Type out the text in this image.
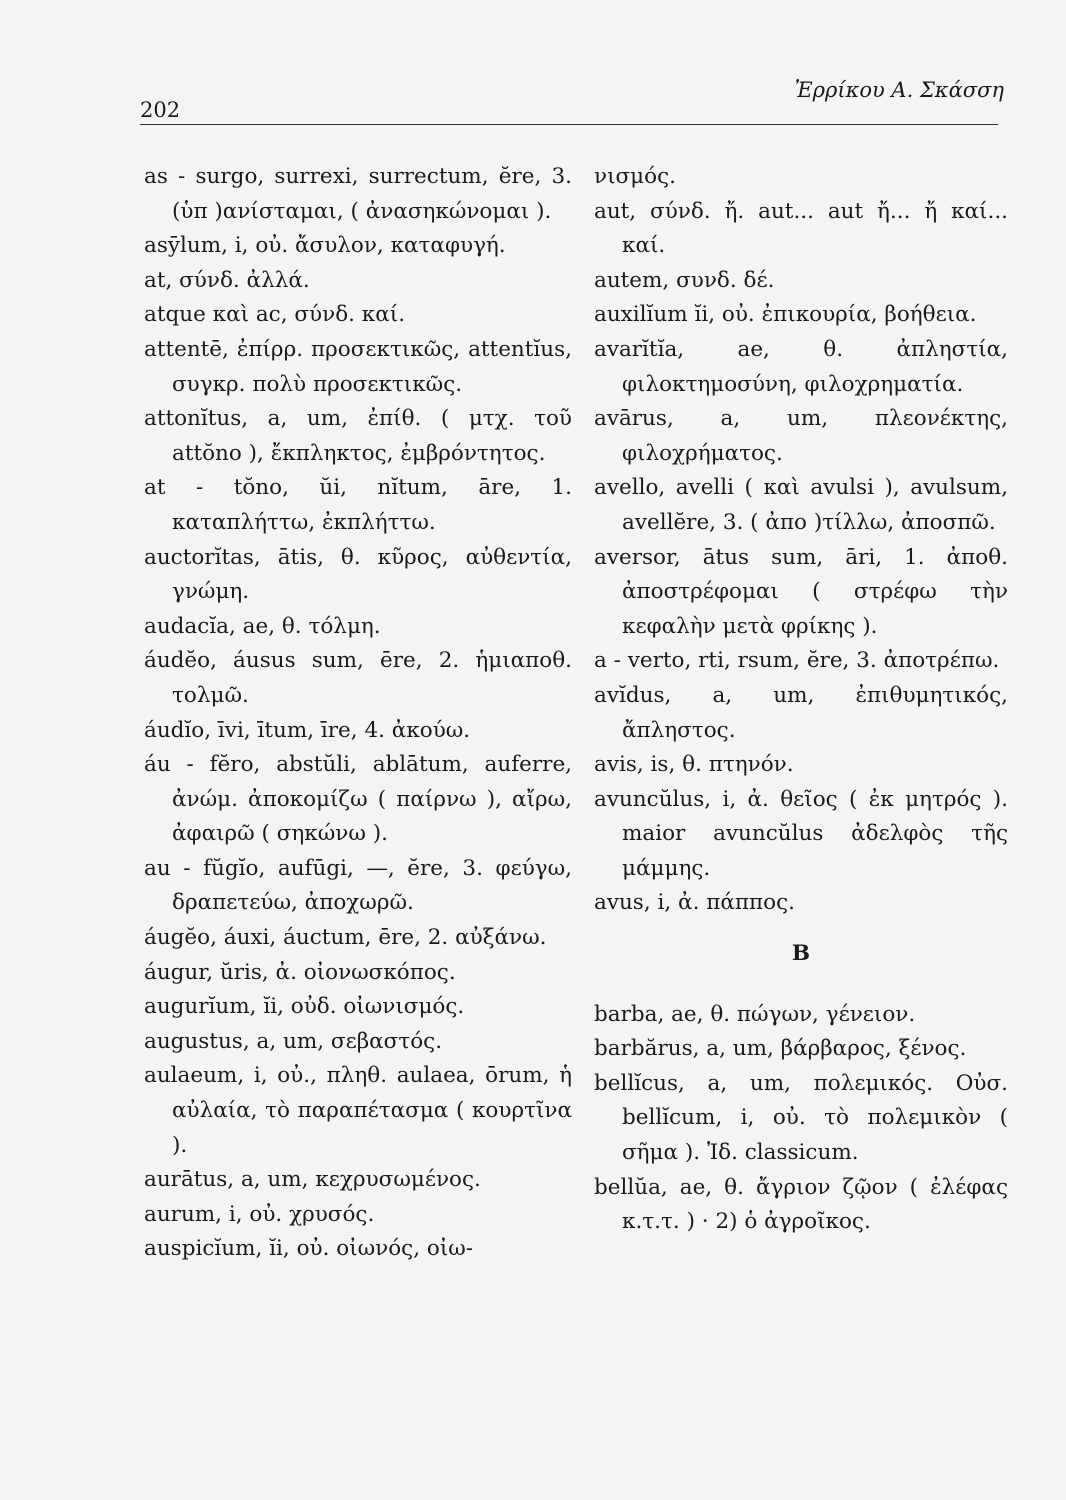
202
Ἐρρίκου Α. Σκάσση

as - surgo, surrexi, surrectum, ĕre, 3. (ὑπ )ανίσταμαι, ( ἀνασηκώνομαι ).

asȳlum, i, οὐ. ἄσυλον, καταφυγή.

at, σύνδ. ἀλλά.

atque καὶ ac, σύνδ. καί.

attentē, ἐπίρρ. προσεκτικῶς, attentĭus, συγκρ. πολὺ προσεκτικῶς.

attonĭtus, a, um, ἐπίθ. ( μτχ. τοῦ attŏno ), ἔκπληκτος, ἐμβρόντητος.

at - tŏno, ŭi, nĭtum, āre, 1. καταπλήττω, ἐκπλήττω.

auctorĭtas, ātis, θ. κῦρος, αὐθεντία, γνώμη.

audacĭa, ae, θ. τόλμη.

áudĕo, áusus sum, ēre, 2. ἡμιαποθ. τολμῶ.

áudĭo, īvi, ītum, īre, 4. ἀκούω.

áu - fĕro, abstŭli, ablātum, auferre, ἀνώμ. ἀποκομίζω ( παίρνω ), αἴρω, ἀφαιρῶ ( σηκώνω ).

au - fŭgĭo, aufūgi, —, ĕre, 3. φεύγω, δραπετεύω, ἀποχωρῶ.

áugĕo, áuxi, áuctum, ēre, 2. αὐξάνω.

áugur, ŭris, ἀ. οἰονωσκόπος.

augurĭum, ĭi, οὐδ. οἰωνισμός.

augustus, a, um, σεβαστός.

aulaeum, i, οὐ., πληθ. aulaea, ōrum, ἡ αὐλαία, τὸ παραπέτασμα ( κουρτῖνα ).

aurātus, a, um, κεχρυσωμένος.

aurum, i, οὐ. χρυσός.

auspicĭum, ĭi, οὐ. οἰωνός, οἰω-

νισμός.

aut, σύνδ. ἤ. aut... aut ἤ... ἤ καί... καί.

autem, συνδ. δέ.

auxilĭum ĭi, οὐ. ἐπικουρία, βοήθεια.

avarĭtĭa, ae, θ. ἀπληστία, φιλοκτημοσύνη, φιλοχρηματία.

avārus, a, um, πλεονέκτης, φιλοχρήματος.

avello, avelli ( καὶ avulsi ), avulsum, avellĕre, 3. ( ἀπο )τίλλω, ἀποσπῶ.

aversor, ātus sum, āri, 1. ἀποθ. ἀποστρέφομαι ( στρέφω τὴν κεφαλὴν μετὰ φρίκης ).

a - verto, rti, rsum, ĕre, 3. ἀποτρέπω.

avĭdus, a, um, ἐπιθυμητικός, ἄπληστος.

avis, is, θ. πτηνόν.

avuncŭlus, i, ἀ. θεῖος ( ἐκ μητρός ). maior avuncŭlus ἀδελφὸς τῆς μάμμης.

avus, i, ἀ. πάππος.

B

barba, ae, θ. πώγων, γένειον.

barbărus, a, um, βάρβαρος, ξένος.

bellĭcus, a, um, πολεμικός. Οὐσ. bellĭcum, i, οὐ. τὸ πολεμικὸν ( σῆμα ). Ἰδ. classicum.

bellŭa, ae, θ. ἄγριον ζῷον ( ἐλέφας κ.τ.τ. ) · 2) ὁ ἀγροῖκος.
